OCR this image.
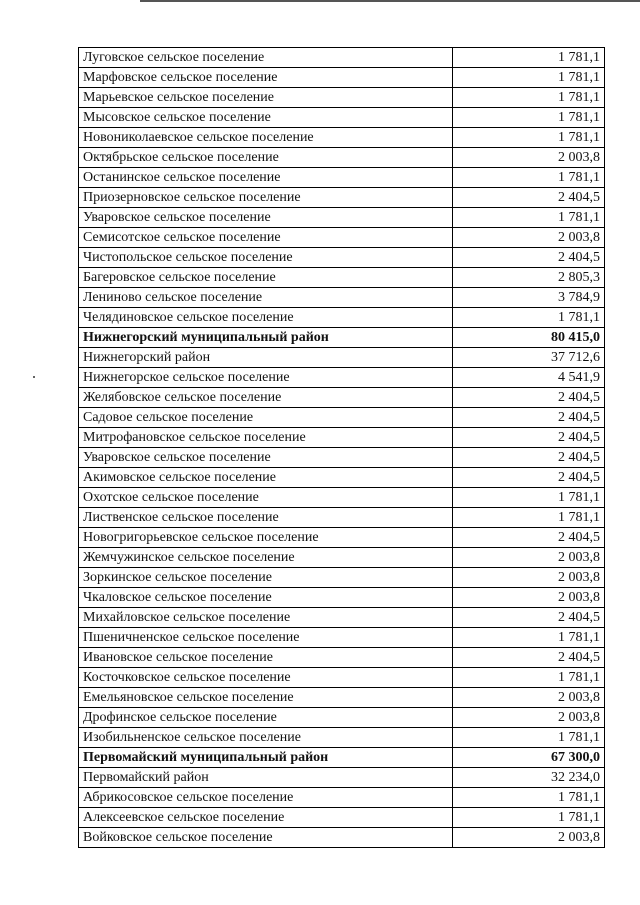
Луговское сельское поселение	1 781,1
Марфовское сельское поселение	1 781,1
Марьевское сельское поселение	1 781,1
Мысовское сельское поселение	1 781,1
Новониколаевское сельское поселение	1 781,1
Октябрьское сельское поселение	2 003,8
Останинское сельское поселение	1 781,1
Приозерновское сельское поселение	2 404,5
Уваровское сельское поселение	1 781,1
Семисотское сельское поселение	2 003,8
Чистопольское сельское поселение	2 404,5
Багеровское сельское поселение	2 805,3
Лениново сельское поселение	3 784,9
Челядиновское сельское поселение	1 781,1
Нижнегорский муниципальный район	80 415,0
Нижнегорский район	37 712,6
Нижнегорское сельское поселение	4 541,9
Желябовское сельское поселение	2 404,5
Садовое сельское поселение	2 404,5
Митрофановское сельское поселение	2 404,5
Уваровское сельское поселение	2 404,5
Акимовское сельское поселение	2 404,5
Охотское сельское поселение	1 781,1
Лиственское сельское поселение	1 781,1
Новогригорьевское сельское поселение	2 404,5
Жемчужинское сельское поселение	2 003,8
Зоркинское сельское поселение	2 003,8
Чкаловское сельское поселение	2 003,8
Михайловское сельское поселение	2 404,5
Пшеничненское сельское поселение	1 781,1
Ивановское сельское поселение	2 404,5
Косточковское сельское поселение	1 781,1
Емельяновское сельское поселение	2 003,8
Дрофинское сельское поселение	2 003,8
Изобильненское сельское поселение	1 781,1
Первомайский муниципальный район	67 300,0
Первомайский район	32 234,0
Абрикосовское сельское поселение	1 781,1
Алексеевское сельское поселение	1 781,1
Войковское сельское поселение	2 003,8
